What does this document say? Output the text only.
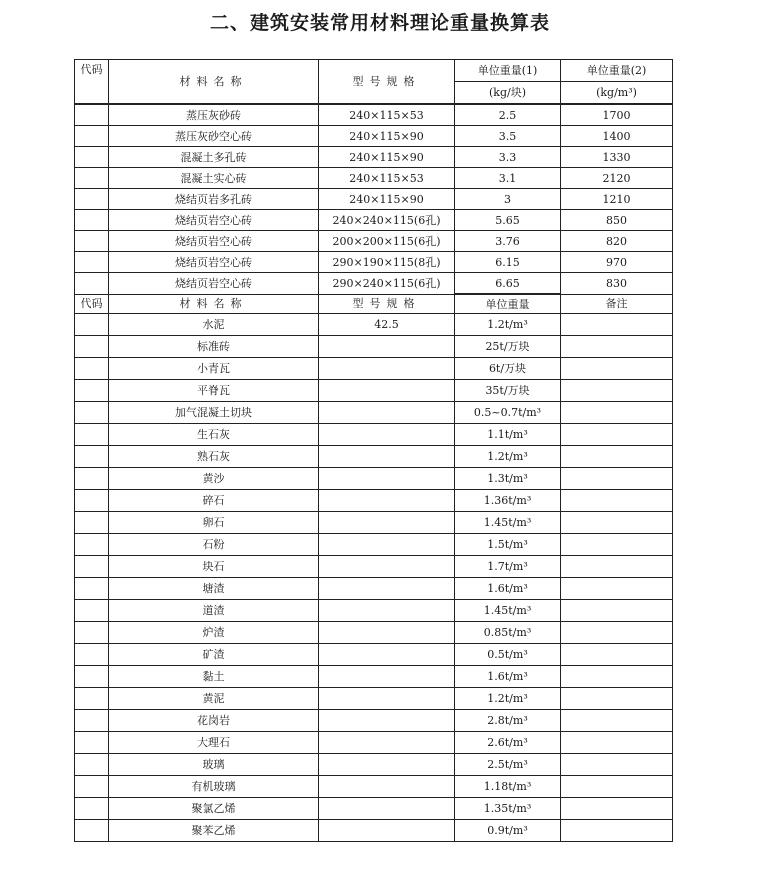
二、建筑安装常用材料理论重量换算表
代码	材料名称	型号规格	单位重量(1)	单位重量(2)
			(kg/块)	(kg/m³)
	蒸压灰砂砖	240×115×53	2.5	1700
	蒸压灰砂空心砖	240×115×90	3.5	1400
	混凝土多孔砖	240×115×90	3.3	1330
	混凝土实心砖	240×115×53	3.1	2120
	烧结页岩多孔砖	240×115×90	3	1210
	烧结页岩空心砖	240×240×115(6孔)	5.65	850
	烧结页岩空心砖	200×200×115(6孔)	3.76	820
	烧结页岩空心砖	290×190×115(8孔)	6.15	970
	烧结页岩空心砖	290×240×115(6孔)	6.65	830
代码	材料名称	型号规格	单位重量	备注
	水泥	42.5	1.2t/m³	
	标准砖		25t/万块	
	小青瓦		6t/万块	
	平脊瓦		35t/万块	
	加气混凝土切块		0.5~0.7t/m³	
	生石灰		1.1t/m³	
	熟石灰		1.2t/m³	
	黄沙		1.3t/m³	
	碎石		1.36t/m³	
	卵石		1.45t/m³	
	石粉		1.5t/m³	
	块石		1.7t/m³	
	塘渣		1.6t/m³	
	道渣		1.45t/m³	
	炉渣		0.85t/m³	
	矿渣		0.5t/m³	
	黏土		1.6t/m³	
	黄泥		1.2t/m³	
	花岗岩		2.8t/m³	
	大理石		2.6t/m³	
	玻璃		2.5t/m³	
	有机玻璃		1.18t/m³	
	聚氯乙烯		1.35t/m³	
	聚苯乙烯		0.9t/m³	
